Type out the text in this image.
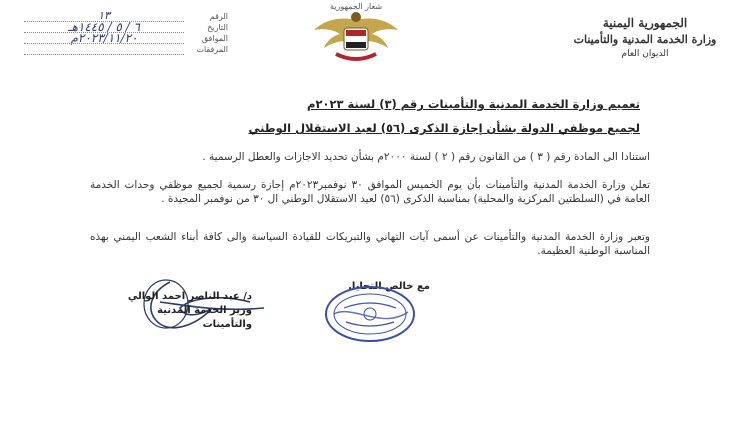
الجمهورية اليمنية
وزارة الخدمة المدنية والتأمينات
الديوان العام
شعار الجمهورية
الرقم
١٣
التاريخ
٦ / ٥ / ١٤٤٥هـ
الموافق
٢٠٢٣/١١/٢٠م
المرفقات
تعميم وزارة الخدمة المدنية والتأمينات رقم (٣) لسنة ٢٠٢٣م
لجميع موظفي الدولة بشأن إجازة الذكرى (٥٦) لعيد الاستقلال الوطني
استنادا الى المادة رقم ( ٣ ) من القانون رقم ( ٢ ) لسنة ٢٠٠٠م بشأن تحديد الاجازات والعطل الرسمية .
تعلن وزارة الخدمة المدنية والتأمينات بأن يوم الخميس الموافق ٣٠ نوفمبر٢٠٢٣م إجازة رسمية لجميع موظفي وحدات الخدمة العامة في (السلطتين المركزية والمحلية) بمناسبة الذكرى (٥٦) لعيد الاستقلال الوطني ال ٣٠ من نوفمبر المجيدة .
وتعبر وزارة الخدمة المدنية والتأمينات عن أسمى آيات التهاني والتبريكات للقيادة السياسة والى كافة أبناء الشعب اليمني بهذه المناسبة الوطنية العظيمة.
مع خالص التحايا.
د/ عبد الناصر احمد الوالي
وزير الخدمة المدنية والتأمينات
